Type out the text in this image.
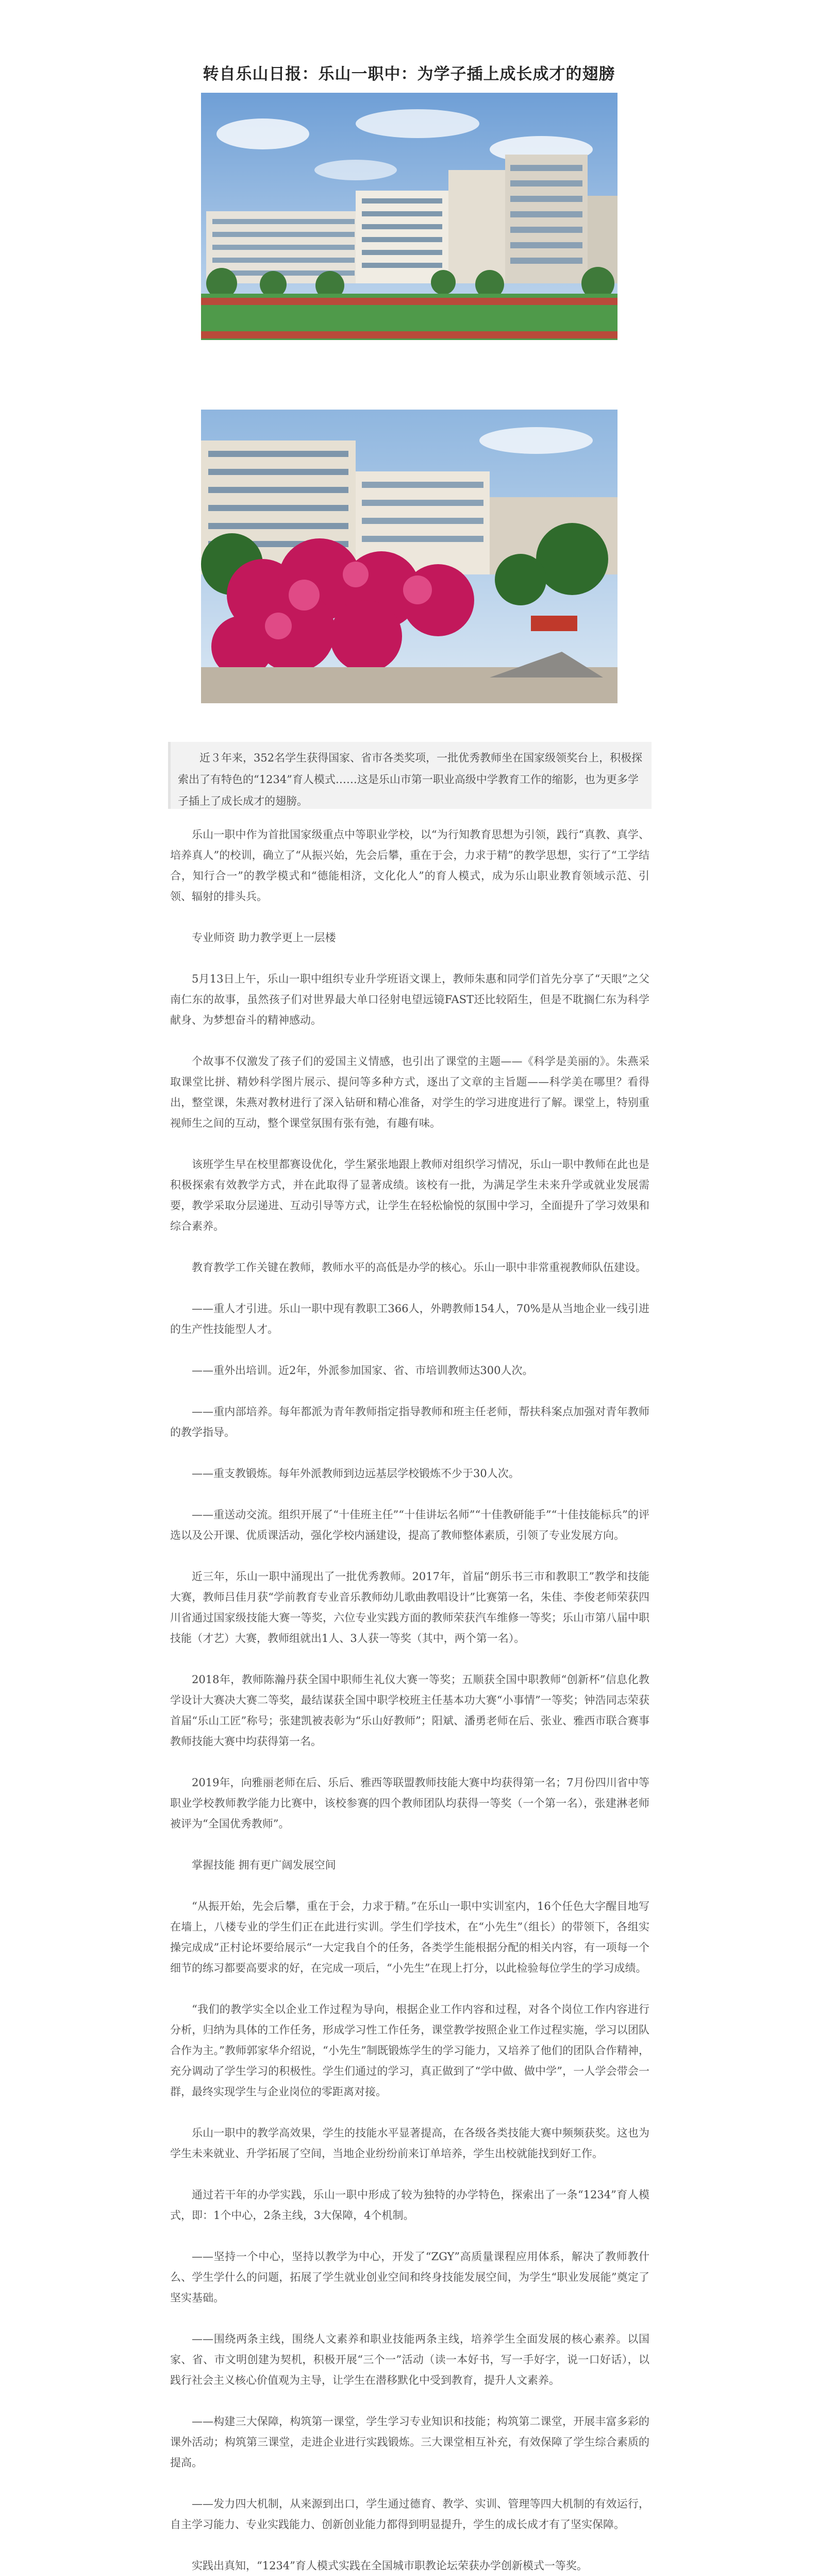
转自乐山日报：乐山一职中：为学子插上成长成才的翅膀
近３年来，352名学生获得国家、省市各类奖项，一批优秀教师坐在国家级领奖台上，积极探索出了有特色的“1234”育人模式……这是乐山市第一职业高级中学教育工作的缩影，也为更多学子插上了成长成才的翅膀。

乐山一职中作为首批国家级重点中等职业学校，以“为行知教育思想为引领，践行“真教、真学、培养真人”的校训，确立了“从振兴始，先会后攀，重在于会，力求于精”的教学思想，实行了“工学结合，知行合一”的教学模式和“德能相济，文化化人”的育人模式，成为乐山职业教育领域示范、引领、辐射的排头兵。

专业师资 助力教学更上一层楼

5月13日上午，乐山一职中组织专业升学班语文课上，教师朱惠和同学们首先分享了“天眼”之父南仁东的故事，虽然孩子们对世界最大单口径射电望远镜FAST还比较陌生，但是不耽搁仁东为科学献身、为梦想奋斗的精神感动。

个故事不仅激发了孩子们的爱国主义情感，也引出了课堂的主题——《科学是美丽的》。朱燕采取课堂比拼、精妙科学图片展示、提问等多种方式，逐出了文章的主旨题——科学美在哪里？看得出，整堂课，朱燕对教材进行了深入钻研和精心准备，对学生的学习进度进行了解。课堂上，特别重视师生之间的互动，整个课堂氛围有张有弛，有趣有味。

该班学生早在校里都赛设优化，学生紧张地跟上教师对组织学习情况，乐山一职中教师在此也是积极探索有效教学方式，并在此取得了显著成绩。该校有一批，为满足学生未来升学或就业发展需要，教学采取分层递进、互动引导等方式，让学生在轻松愉悦的氛围中学习，全面提升了学习效果和综合素养。

教育教学工作关键在教师，教师水平的高低是办学的核心。乐山一职中非常重视教师队伍建设。

——重人才引进。乐山一职中现有教职工366人，外聘教师154人，70%是从当地企业一线引进的生产性技能型人才。

——重外出培训。近2年，外派参加国家、省、市培训教师达300人次。

——重内部培养。每年都派为青年教师指定指导教师和班主任老师，帮扶科案点加强对青年教师的教学指导。

——重支教锻炼。每年外派教师到边远基层学校锻炼不少于30人次。

——重送动交流。组织开展了“十佳班主任”“十佳讲坛名师”“十佳教研能手”“十佳技能标兵”的评选以及公开课、优质课活动，强化学校内涵建设，提高了教师整体素质，引领了专业发展方向。

近三年，乐山一职中涌现出了一批优秀教师。2017年，首届“朗乐书三市和教职工”教学和技能大赛，教师吕佳月获“学前教育专业音乐教师幼儿歌曲教唱设计”比赛第一名，朱佳、李俊老师荣获四川省通过国家级技能大赛一等奖，六位专业实践方面的教师荣获汽车维修一等奖；乐山市第八届中职技能（才艺）大赛，教师组就出1人、3人获一等奖（其中，两个第一名）。

2018年，教师陈瀚丹获全国中职师生礼仪大赛一等奖；五顺获全国中职教师“创新杯”信息化教学设计大赛决大赛二等奖，最结谋获全国中职学校班主任基本功大赛“小事情”一等奖；钟浩同志荣获首届“乐山工匠”称号；张建凯被表彰为“乐山好教师”；阳斌、潘勇老师在后、张业、雅西市联合赛事教师技能大赛中均获得第一名。

2019年，向雅丽老师在后、乐后、雅西等联盟教师技能大赛中均获得第一名；7月份四川省中等职业学校教师教学能力比赛中，该校参赛的四个教师团队均获得一等奖（一个第一名），张建淋老师被评为“全国优秀教师”。

掌握技能 拥有更广阔发展空间

“从振开始，先会后攀，重在于会，力求于精。”在乐山一职中实训室内，16个任色大字醒目地写在墙上，八楼专业的学生们正在此进行实训。学生们学技术，在“小先生”（组长）的带领下，各组实操完成成”正村论坏要给展示“一大定我自个的任务，各类学生能根据分配的相关内容，有一项每一个细节的练习都要高要求的好，在完成一项后，“小先生”在现上打分，以此检验每位学生的学习成绩。

“我们的教学实全以企业工作过程为导向，根据企业工作内容和过程，对各个岗位工作内容进行分析，归纳为具体的工作任务，形成学习性工作任务，课堂教学按照企业工作过程实施，学习以团队合作为主。”教师郭家华介绍说，“小先生”制既锻炼学生的学习能力，又培养了他们的团队合作精神，充分调动了学生学习的积极性。学生们通过的学习，真正做到了“学中做、做中学”，一人学会带会一群，最终实现学生与企业岗位的零距离对接。

乐山一职中的教学高效果，学生的技能水平显著提高，在各级各类技能大赛中频频获奖。这也为学生未来就业、升学拓展了空间，当地企业纷纷前来订单培养，学生出校就能找到好工作。

通过若干年的办学实践，乐山一职中形成了较为独特的办学特色，探索出了一条“1234”育人模式，即：1个中心，2条主线，3大保障，4个机制。

——坚持一个中心，坚持以教学为中心，开发了“ZGY”高质量课程应用体系，解决了教师教什么、学生学什么的问题，拓展了学生就业创业空间和终身技能发展空间，为学生“职业发展能”奠定了坚实基础。

——围绕两条主线，围绕人文素养和职业技能两条主线，培养学生全面发展的核心素养。以国家、省、市文明创建为契机，积极开展“三个一”活动（读一本好书，写一手好字，说一口好话），以践行社会主义核心价值观为主导，让学生在潜移默化中受到教育，提升人文素养。

——构建三大保障，构筑第一课堂，学生学习专业知识和技能；构筑第二课堂，开展丰富多彩的课外活动；构筑第三课堂，走进企业进行实践锻炼。三大课堂相互补充，有效保障了学生综合素质的提高。

——发力四大机制，从来源到出口，学生通过德育、教学、实训、管理等四大机制的有效运行，自主学习能力、专业实践能力、创新创业能力都得到明显提升，学生的成长成才有了坚实保障。

实践出真知，“1234”育人模式实践在全国城市职教论坛荣获办学创新模式一等奖。
